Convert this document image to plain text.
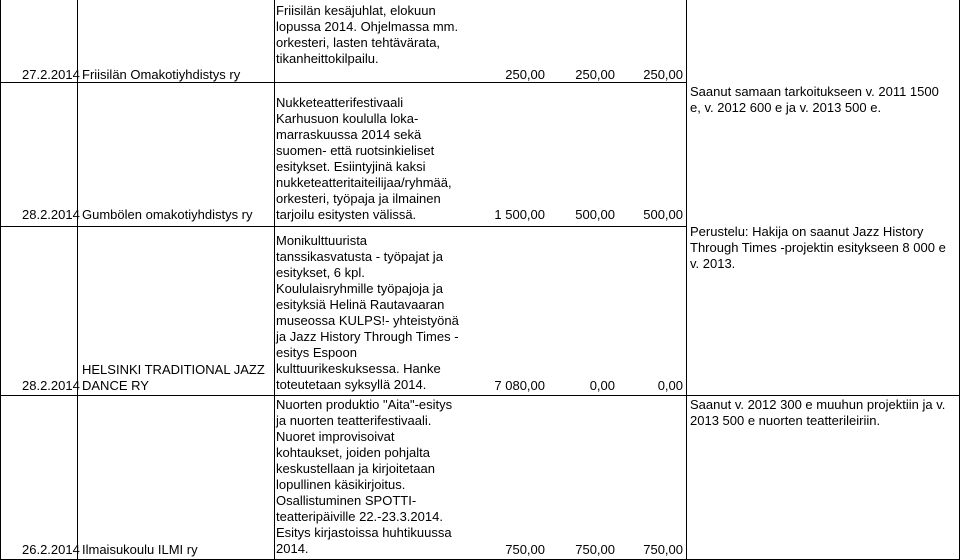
27.2.2014 Friisilän Omakotiyhdistys ry
Friisilän kesäjuhlat, elokuun
lopussa 2014. Ohjelmassa mm.
orkesteri, lasten tehtävärata,
tikanheittokilpailu.
250,00	250,00	250,00
28.2.2014 Gumbölen omakotiyhdistys ry
Nukketeatterifestivaali
Karhusuon koululla loka-
marraskuussa 2014 sekä
suomen- että ruotsinkieliset
esitykset. Esiintyjinä kaksi
nukketeatteritaiteilijaa/ryhmää,
orkesteri, työpaja ja ilmainen
tarjoilu esitysten välissä.	1 500,00	500,00	500,00
Saanut samaan tarkoitukseen v. 2011 1500
e, v. 2012 600 e ja v. 2013 500 e.
28.2.2014
HELSINKI TRADITIONAL JAZZ
DANCE RY
Monikulttuurista
tanssikasvatusta - työpajat ja
esitykset, 6 kpl.
Koululaisryhmille työpajoja ja
esityksiä Helinä Rautavaaran
museossa KULPS!- yhteistyönä
ja Jazz History Through Times -
esitys Espoon
kulttuurikeskuksessa. Hanke
toteutetaan syksyllä 2014.	7 080,00	0,00	0,00
Perustelu: Hakija on saanut Jazz History
Through Times -projektin esitykseen 8 000 e
v. 2013.
26.2.2014 Ilmaisukoulu ILMI ry
Nuorten produktio "Aita"-esitys
ja nuorten teatterifestivaali.
Nuoret improvisoivat
kohtaukset, joiden pohjalta
keskustellaan ja kirjoitetaan
lopullinen käsikirjoitus.
Osallistuminen SPOTTI-
teatteripäiville 22.-23.3.2014.
Esitys kirjastoissa huhtikuussa
2014.	750,00	750,00	750,00
Saanut v. 2012 300 e muuhun projektiin ja v.
2013 500 e nuorten teatterileiriin.
